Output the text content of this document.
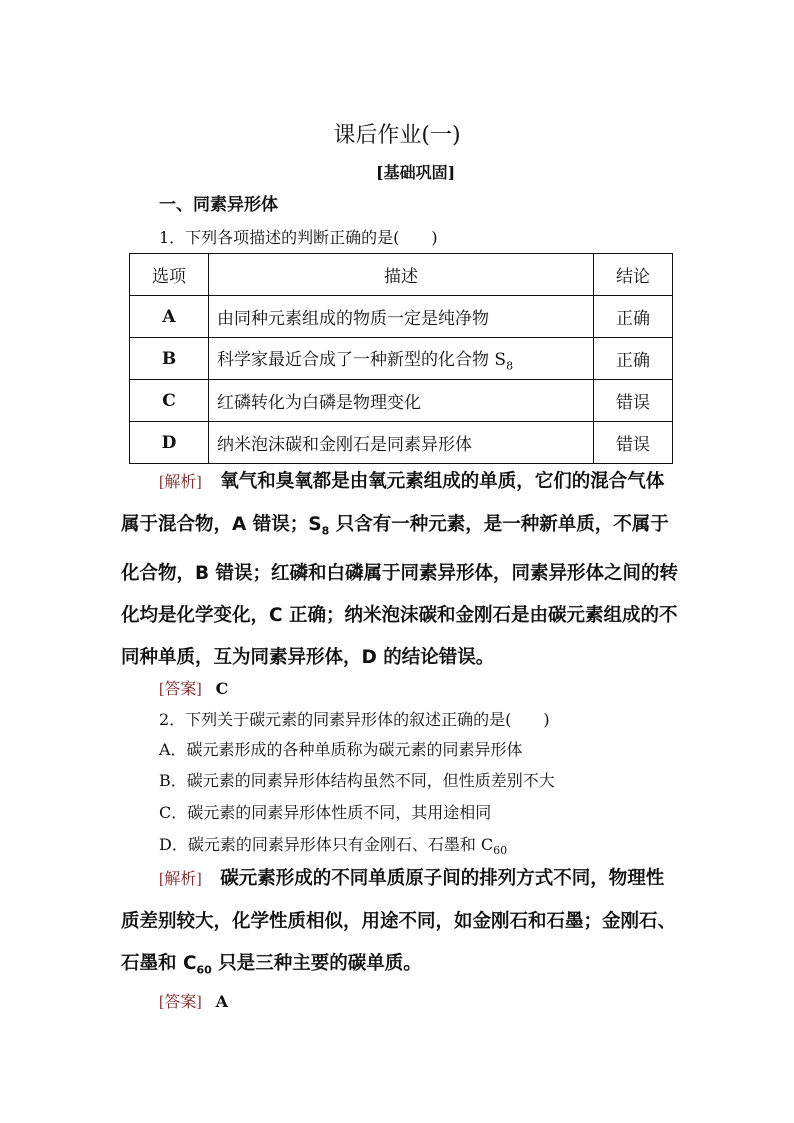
课后作业(一)
[基础巩固]
一、同素异形体
1．下列各项描述的判断正确的是(　　)
选项	描述	结论
A	由同种元素组成的物质一定是纯净物	正确
B	科学家最近合成了一种新型的化合物 $S_8$	正确
C	红磷转化为白磷是物理变化	错误
D	纳米泡沫碳和金刚石是同素异形体	错误
[解析]　 氧气和臭氧都是由氧元素组成的单质，它们的混合气体属于混合物，A 错误；$S_8$ 只含有一种元素，是一种新单质，不属于化合物，B 错误；红磷和白磷属于同素异形体，同素异形体之间的转化均是化学变化，C 正确；纳米泡沫碳和金刚石是由碳元素组成的不同种单质，互为同素异形体，D 的结论错误。
[答案] C
2．下列关于碳元素的同素异形体的叙述正确的是(　　)
A．碳元素形成的各种单质称为碳元素的同素异形体
B．碳元素的同素异形体结构虽然不同，但性质差别不大
C．碳元素的同素异形体性质不同，其用途相同
D．碳元素的同素异形体只有金刚石、石墨和 $C_{60}$
[解析]　 碳元素形成的不同单质原子间的排列方式不同，物理性质差别较大，化学性质相似，用途不同，如金刚石和石墨；金刚石、石墨和 $C_{60}$ 只是三种主要的碳单质。
[答案] A
